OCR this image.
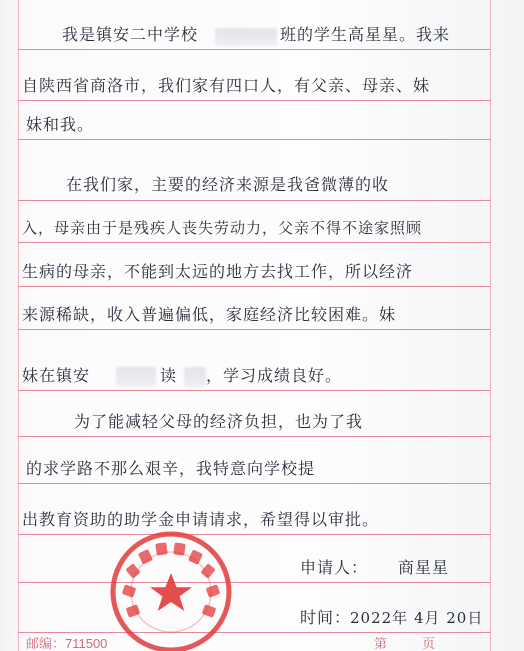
我是镇安二中学校

	班的学生高星星。我来

自陕西省商洛市，我们家有四口人，有父亲、母亲、妹

妹和我。

在我们家，主要的经济来源是我爸微薄的收

入，母亲由于是残疾人丧失劳动力，父亲不得不途家照顾

生病的母亲，不能到太远的地方去找工作，所以经济

来源稀缺，收入普遍偏低，家庭经济比较困难。妹

妹在镇安

	读

，学习成绩良好。

为了能减轻父母的经济负担，也为了我

的求学路不那么艰辛，我特意向学校提

出教育资助的助学金申请请求，希望得以审批。

申请人：

商星星

时间：

2022年 4月 20日

邮编：711500	第	页
